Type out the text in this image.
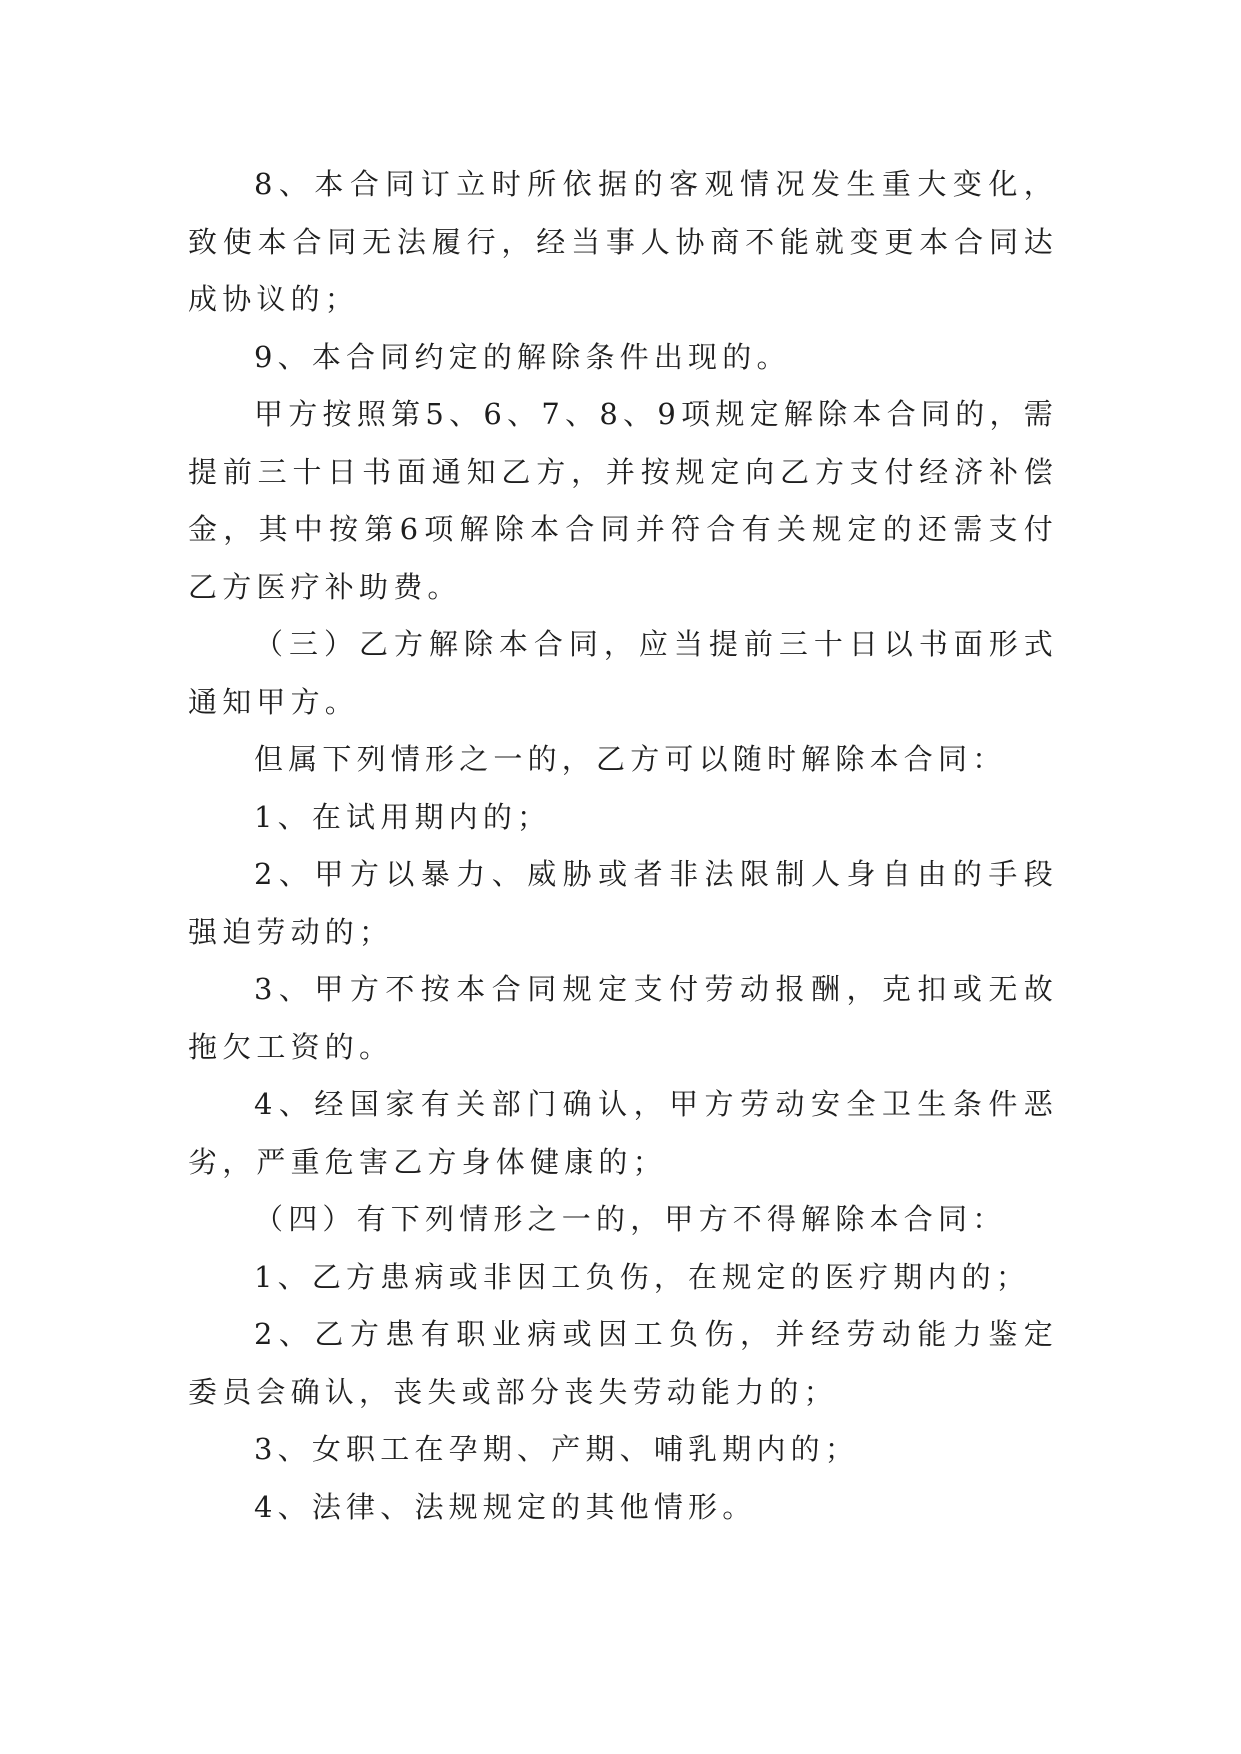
8、本合同订立时所依据的客观情况发生重大变化，致使本合同无法履行，经当事人协商不能就变更本合同达成协议的；

9、本合同约定的解除条件出现的。

甲方按照第5、6、7、8、9项规定解除本合同的，需提前三十日书面通知乙方，并按规定向乙方支付经济补偿金，其中按第6项解除本合同并符合有关规定的还需支付乙方医疗补助费。

（三）乙方解除本合同，应当提前三十日以书面形式通知甲方。

但属下列情形之一的，乙方可以随时解除本合同：

1、在试用期内的；

2、甲方以暴力、威胁或者非法限制人身自由的手段强迫劳动的；

3、甲方不按本合同规定支付劳动报酬，克扣或无故拖欠工资的。

4、经国家有关部门确认，甲方劳动安全卫生条件恶劣，严重危害乙方身体健康的；

（四）有下列情形之一的，甲方不得解除本合同：

1、乙方患病或非因工负伤，在规定的医疗期内的；

2、乙方患有职业病或因工负伤，并经劳动能力鉴定委员会确认，丧失或部分丧失劳动能力的；

3、女职工在孕期、产期、哺乳期内的；

4、法律、法规规定的其他情形。
